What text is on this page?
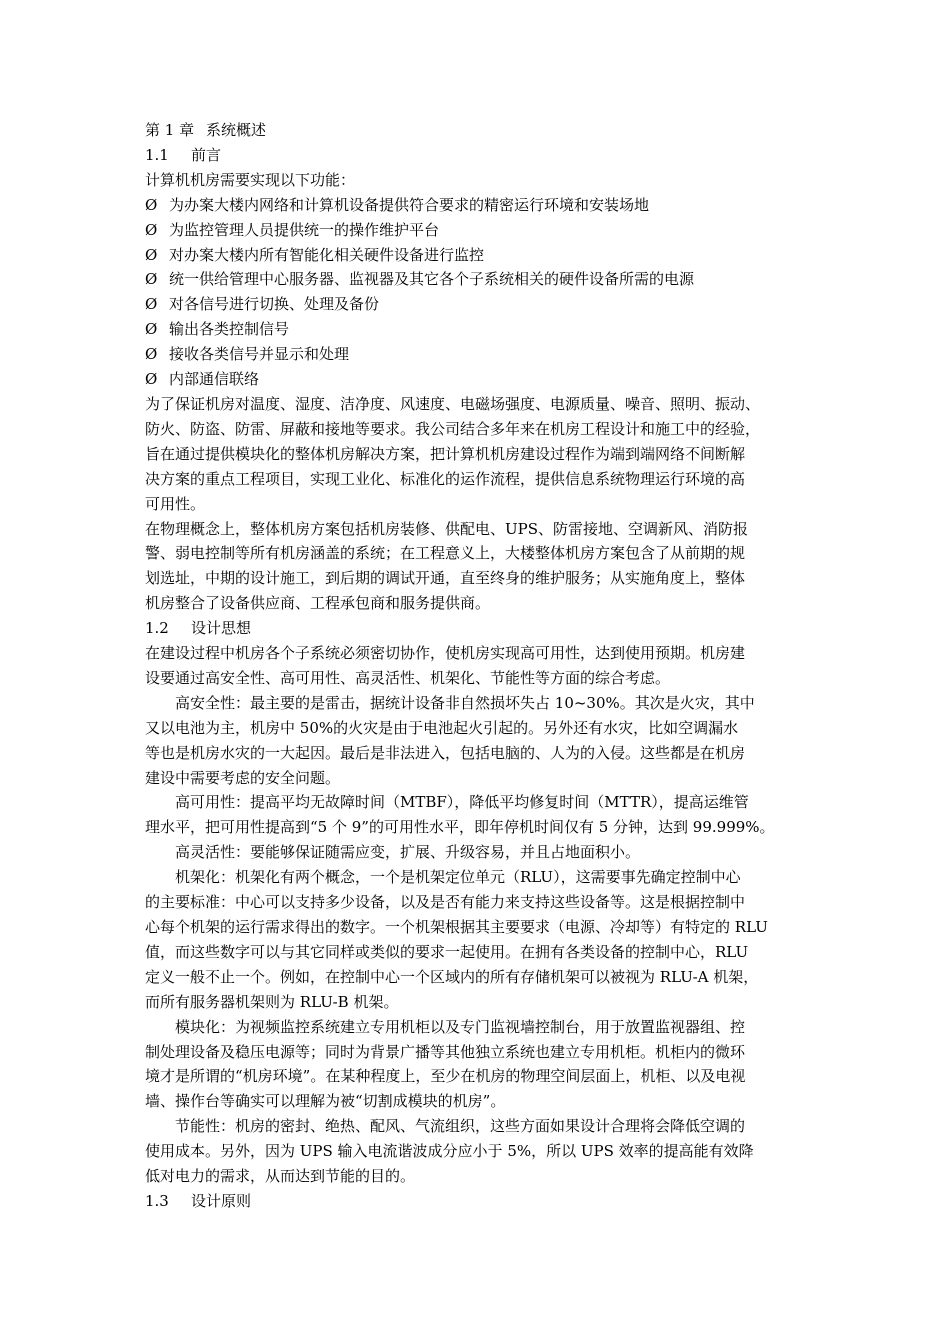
第 1 章 系统概述
1.1 前言
计算机机房需要实现以下功能：
Ø 为办案大楼内网络和计算机设备提供符合要求的精密运行环境和安装场地
Ø 为监控管理人员提供统一的操作维护平台
Ø 对办案大楼内所有智能化相关硬件设备进行监控
Ø 统一供给管理中心服务器、监视器及其它各个子系统相关的硬件设备所需的电源
Ø 对各信号进行切换、处理及备份
Ø 输出各类控制信号
Ø 接收各类信号并显示和处理
Ø 内部通信联络
为了保证机房对温度、湿度、洁净度、风速度、电磁场强度、电源质量、噪音、照明、振动、
防火、防盗、防雷、屏蔽和接地等要求。我公司结合多年来在机房工程设计和施工中的经验，
旨在通过提供模块化的整体机房解决方案，把计算机机房建设过程作为端到端网络不间断解
决方案的重点工程项目，实现工业化、标准化的运作流程，提供信息系统物理运行环境的高
可用性。
在物理概念上，整体机房方案包括机房装修、供配电、UPS、防雷接地、空调新风、消防报
警、弱电控制等所有机房涵盖的系统；在工程意义上，大楼整体机房方案包含了从前期的规
划选址，中期的设计施工，到后期的调试开通，直至终身的维护服务；从实施角度上，整体
机房整合了设备供应商、工程承包商和服务提供商。
1.2 设计思想
在建设过程中机房各个子系统必须密切协作，使机房实现高可用性，达到使用预期。机房建
设要通过高安全性、高可用性、高灵活性、机架化、节能性等方面的综合考虑。
高安全性：最主要的是雷击，据统计设备非自然损坏失占 10~30%。其次是火灾，其中
又以电池为主，机房中 50%的火灾是由于电池起火引起的。另外还有水灾，比如空调漏水
等也是机房水灾的一大起因。最后是非法进入，包括电脑的、人为的入侵。这些都是在机房
建设中需要考虑的安全问题。
高可用性：提高平均无故障时间（MTBF），降低平均修复时间（MTTR），提高运维管
理水平，把可用性提高到“5 个 9”的可用性水平，即年停机时间仅有 5 分钟，达到 99.999%。
高灵活性：要能够保证随需应变，扩展、升级容易，并且占地面积小。
机架化：机架化有两个概念，一个是机架定位单元（RLU），这需要事先确定控制中心
的主要标准：中心可以支持多少设备，以及是否有能力来支持这些设备等。这是根据控制中
心每个机架的运行需求得出的数字。一个机架根据其主要要求（电源、冷却等）有特定的 RLU
值，而这些数字可以与其它同样或类似的要求一起使用。在拥有各类设备的控制中心，RLU
定义一般不止一个。例如，在控制中心一个区域内的所有存储机架可以被视为 RLU-A 机架，
而所有服务器机架则为 RLU-B 机架。
模块化：为视频监控系统建立专用机柜以及专门监视墙控制台，用于放置监视器组、控
制处理设备及稳压电源等；同时为背景广播等其他独立系统也建立专用机柜。机柜内的微环
境才是所谓的“机房环境”。在某种程度上，至少在机房的物理空间层面上，机柜、以及电视
墙、操作台等确实可以理解为被“切割成模块的机房”。
节能性：机房的密封、绝热、配风、气流组织，这些方面如果设计合理将会降低空调的
使用成本。另外，因为 UPS 输入电流谐波成分应小于 5%，所以 UPS 效率的提高能有效降
低对电力的需求，从而达到节能的目的。
1.3 设计原则
